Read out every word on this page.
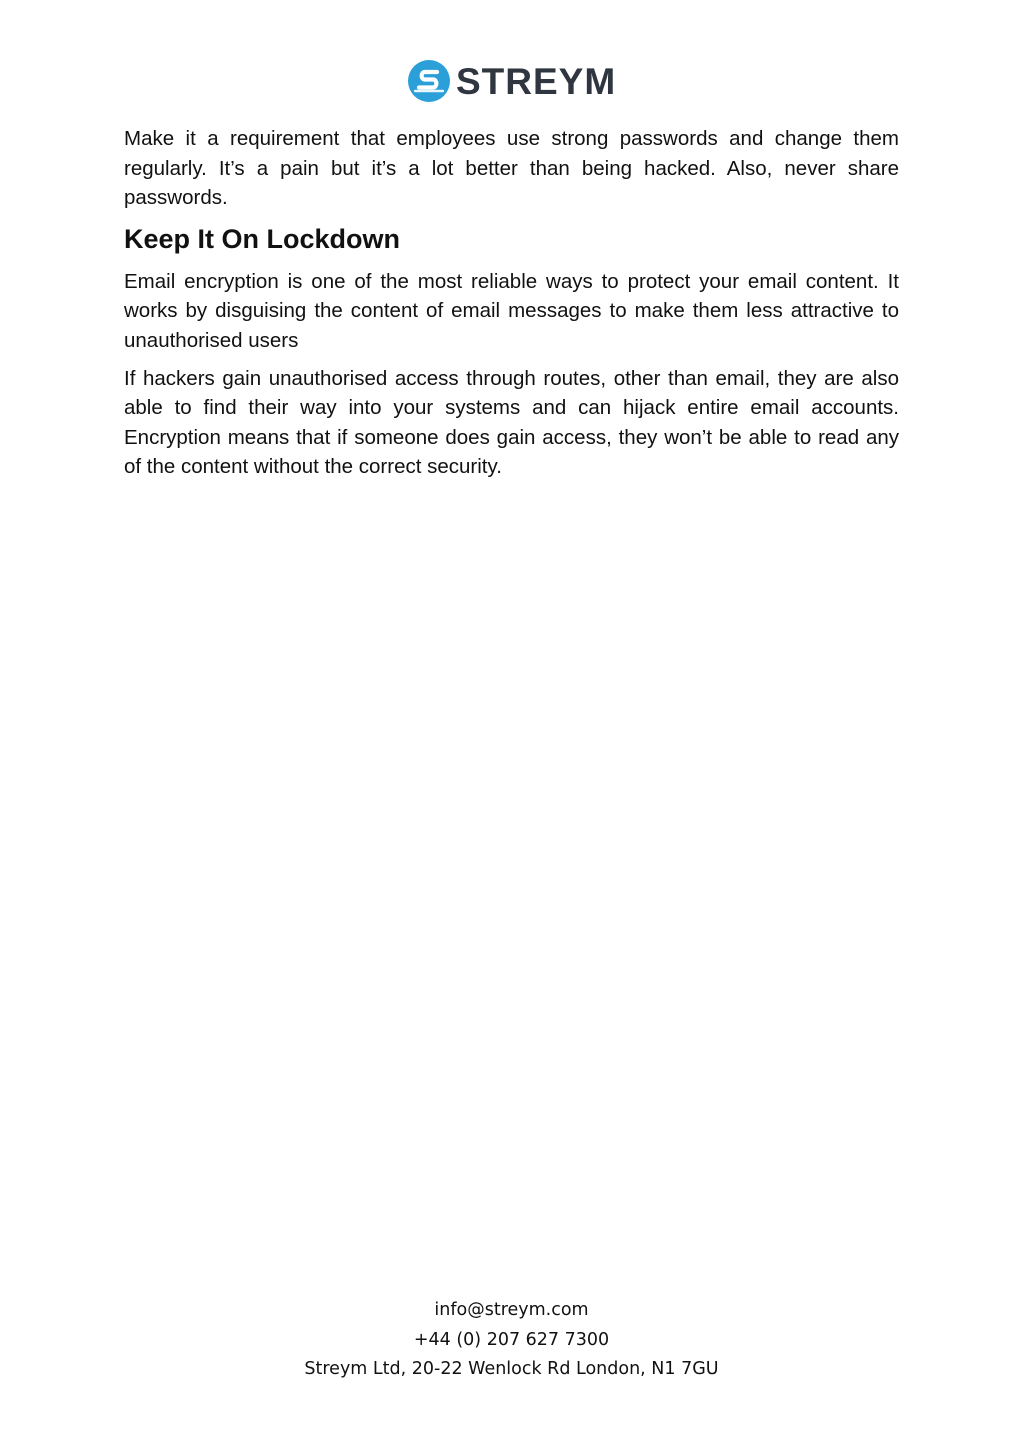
STREYM

Make it a requirement that employees use strong passwords and change them regularly. It’s a pain but it’s a lot better than being hacked. Also, never share passwords.

Keep It On Lockdown

Email encryption is one of the most reliable ways to protect your email content. It works by disguising the content of email messages to make them less attractive to unauthorised users

If hackers gain unauthorised access through routes, other than email, they are also able to find their way into your systems and can hijack entire email accounts. Encryption means that if someone does gain access, they won’t be able to read any of the content without the correct security.

info@streym.com
+44 (0) 207 627 7300
Streym Ltd, 20-22 Wenlock Rd London, N1 7GU
